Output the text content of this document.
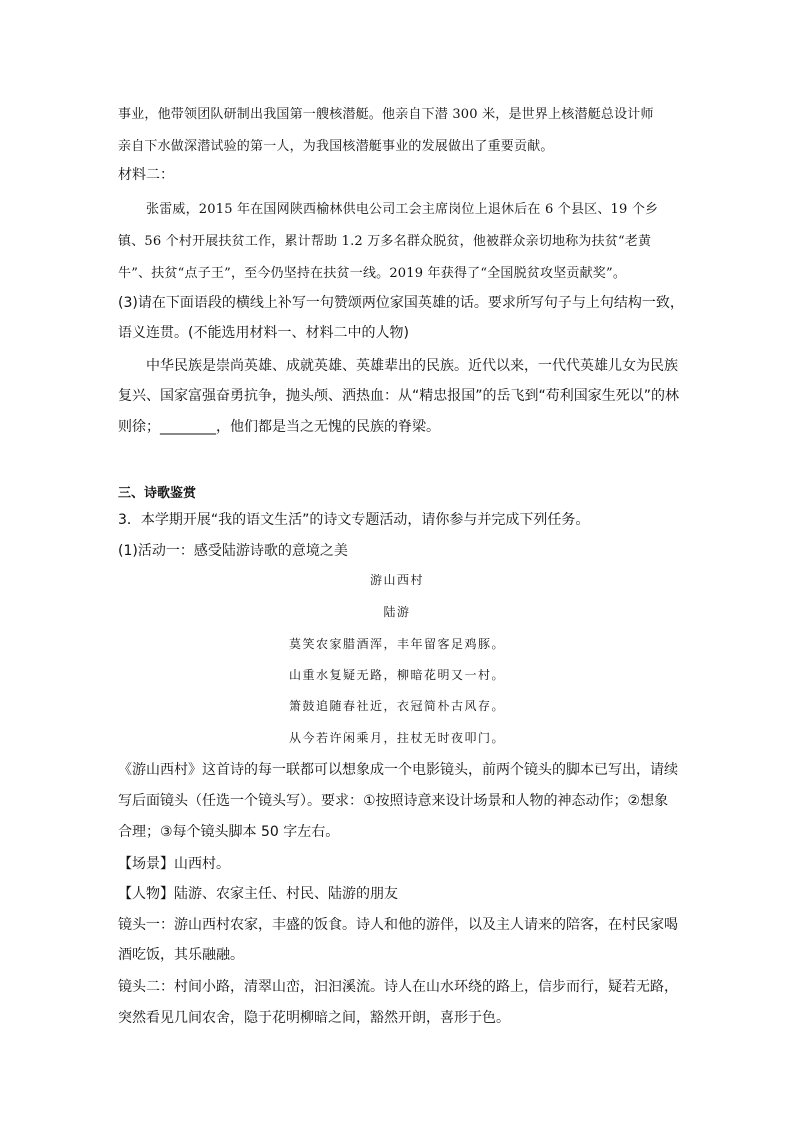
事业，他带领团队研制出我国第一艘核潜艇。他亲自下潜 300 米，是世界上核潜艇总设计师
亲自下水做深潜试验的第一人，为我国核潜艇事业的发展做出了重要贡献。
材料二：
张雷威，2015 年在国网陕西榆林供电公司工会主席岗位上退休后在 6 个县区、19 个乡
镇、56 个村开展扶贫工作，累计帮助 1.2 万多名群众脱贫，他被群众亲切地称为扶贫“老黄
牛”、扶贫“点子王”，至今仍坚持在扶贫一线。2019 年获得了“全国脱贫攻坚贡献奖”。
(3)请在下面语段的横线上补写一句赞颂两位家国英雄的话。要求所写句子与上句结构一致，
语义连贯。(不能选用材料一、材料二中的人物)
中华民族是崇尚英雄、成就英雄、英雄辈出的民族。近代以来，一代代英雄儿女为民族
复兴、国家富强奋勇抗争，抛头颅、洒热血：从“精忠报国”的岳飞到“苟利国家生死以”的林
则徐；________，他们都是当之无愧的民族的脊梁。
三、诗歌鉴赏
3．本学期开展“我的语文生活”的诗文专题活动，请你参与并完成下列任务。
(1)活动一：感受陆游诗歌的意境之美
游山西村
陆游
莫笑农家腊酒浑，丰年留客足鸡豚。
山重水复疑无路，柳暗花明又一村。
箫鼓追随春社近，衣冠简朴古风存。
从今若许闲乘月，拄杖无时夜叩门。
《游山西村》这首诗的每一联都可以想象成一个电影镜头，前两个镜头的脚本已写出，请续
写后面镜头（任选一个镜头写）。要求：①按照诗意来设计场景和人物的神态动作；②想象
合理；③每个镜头脚本 50 字左右。
【场景】山西村。
【人物】陆游、农家主任、村民、陆游的朋友
镜头一：游山西村农家，丰盛的饭食。诗人和他的游伴，以及主人请来的陪客，在村民家喝
酒吃饭，其乐融融。
镜头二：村间小路，清翠山峦，汩汩溪流。诗人在山水环绕的路上，信步而行，疑若无路，
突然看见几间农舍，隐于花明柳暗之间，豁然开朗，喜形于色。
